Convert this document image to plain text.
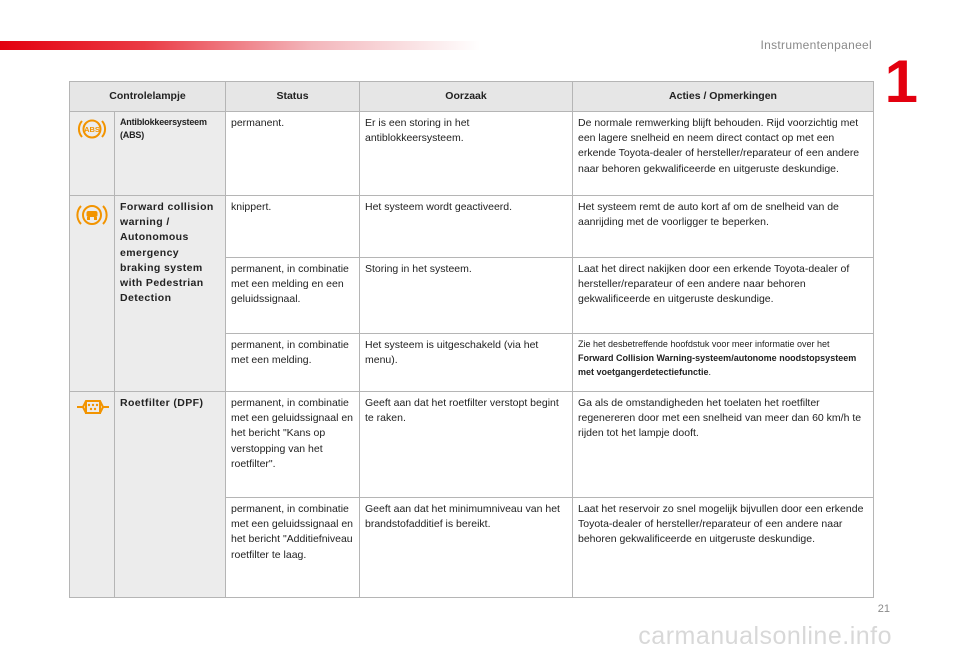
Instrumentenpaneel
1
Controlelampje		Status	Oorzaak	Acties / Opmerkingen

ABS	Antiblokkeersysteem (ABS)	permanent.	Er is een storing in het antiblokkeersysteem.	De normale remwerking blijft behouden. Rijd voorzichtig met een lagere snelheid en neem direct contact op met een erkende Toyota-dealer of hersteller/reparateur of een andere naar behoren gekwalificeerde en uitgeruste deskundige.
	Forward collision warning / Autonomous emergency braking system with Pedestrian Detection	knippert.	Het systeem wordt geactiveerd.	Het systeem remt de auto kort af om de snelheid van de aanrijding met de voorligger te beperken.
		permanent, in combinatie met een melding en een geluidssignaal.	Storing in het systeem.	Laat het direct nakijken door een erkende Toyota-dealer of hersteller/reparateur of een andere naar behoren gekwalificeerde en uitgeruste deskundige.
		permanent, in combinatie met een melding.	Het systeem is uitgeschakeld (via het menu).	Zie het desbetreffende hoofdstuk voor meer informatie over het Forward Collision Warning-systeem/autonome noodstopsysteem met voetgangerdetectiefunctie.
	Roetfilter (DPF)	permanent, in combinatie met een geluidssignaal en het bericht "Kans op verstopping van het roetfilter".	Geeft aan dat het roetfilter verstopt begint te raken.	Ga als de omstandigheden het toelaten het roetfilter regenereren door met een snelheid van meer dan 60 km/h te rijden tot het lampje dooft.
		permanent, in combinatie met een geluidssignaal en het bericht "Additiefniveau roetfilter te laag.	Geeft aan dat het minimumniveau van het brandstofadditief is bereikt.	Laat het reservoir zo snel mogelijk bijvullen door een erkende Toyota-dealer of hersteller/reparateur of een andere naar behoren gekwalificeerde en uitgeruste deskundige.
21
carmanualsonline.info
